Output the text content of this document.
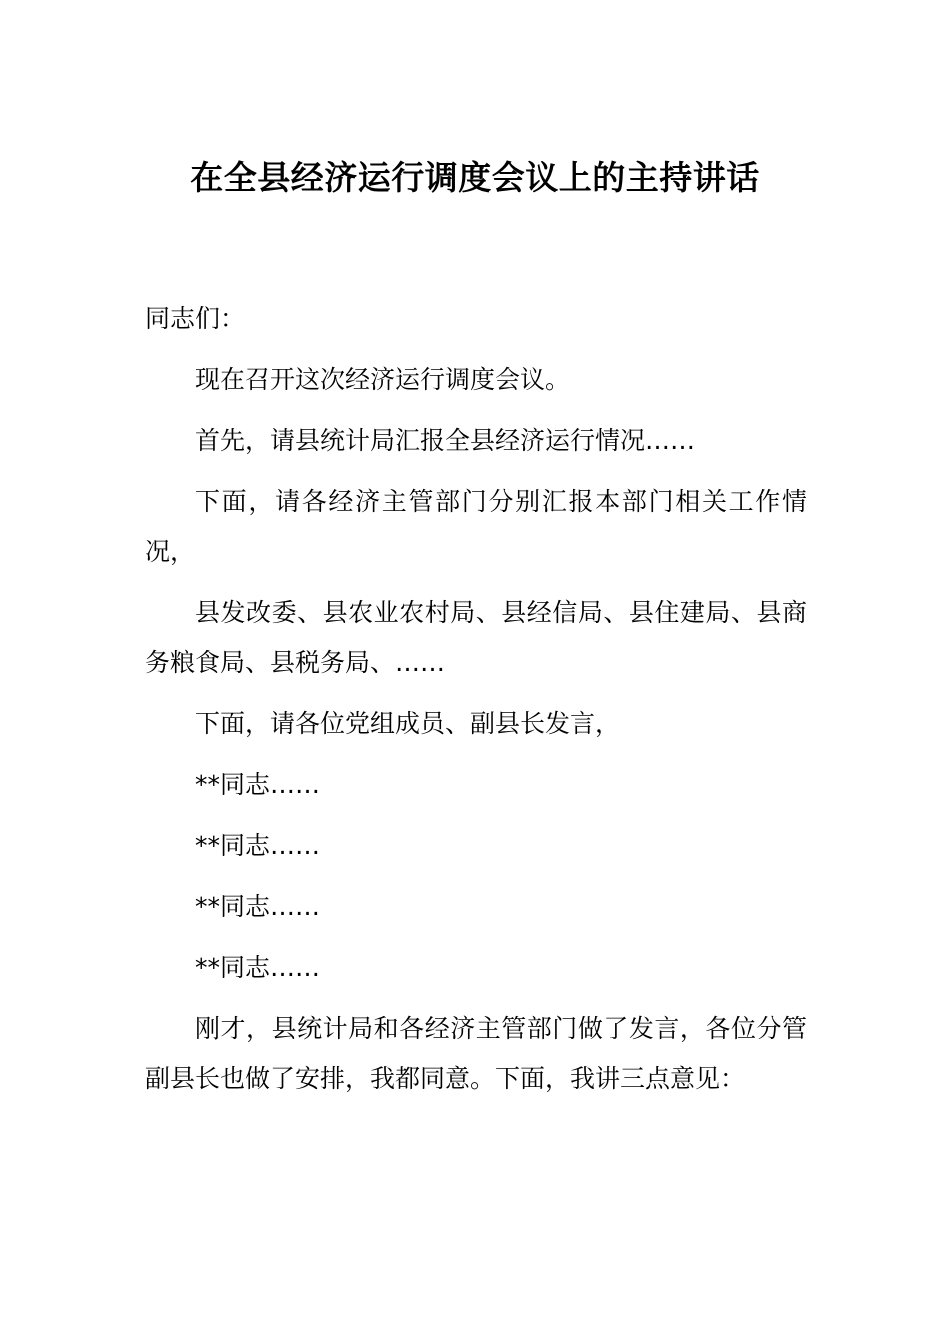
在全县经济运行调度会议上的主持讲话

同志们：

现在召开这次经济运行调度会议。

首先，请县统计局汇报全县经济运行情况……

下面，请各经济主管部门分别汇报本部门相关工作情况，

县发改委、县农业农村局、县经信局、县住建局、县商务粮食局、县税务局、……

下面，请各位党组成员、副县长发言，

**同志……

**同志……

**同志……

**同志……

刚才，县统计局和各经济主管部门做了发言，各位分管副县长也做了安排，我都同意。下面，我讲三点意见：
